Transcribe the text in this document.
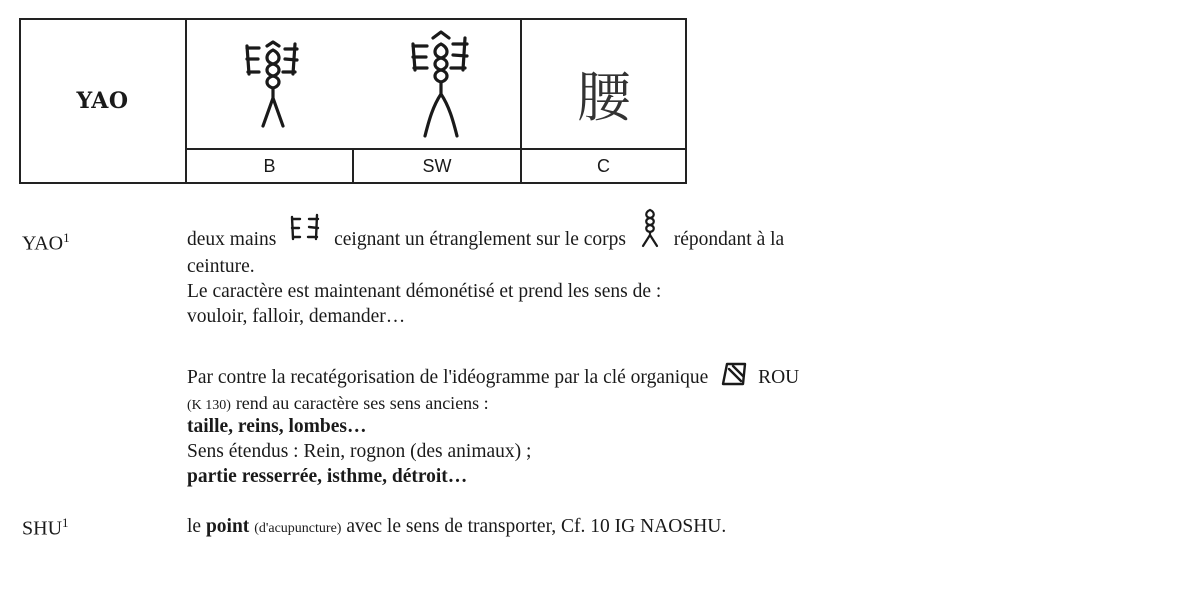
YAO	腰
B	SW	C
YAO$^1$	deux mains	ceignant un étranglement sur le corps répondant à la
ceinture.
Le caractère est maintenant démonétisé et prend les sens de :
vouloir, falloir, demander…
Par contre la recatégorisation de l'idéogramme par la clé organique	ROU
(K 130) rend au caractère ses sens anciens :
taille, reins, lombes…
Sens étendus : Rein, rognon (des animaux) ;
partie resserrée, isthme, détroit…
SHU$^1$	le point (d'acupuncture) avec le sens de transporter, Cf. 10 IG NAOSHU.
